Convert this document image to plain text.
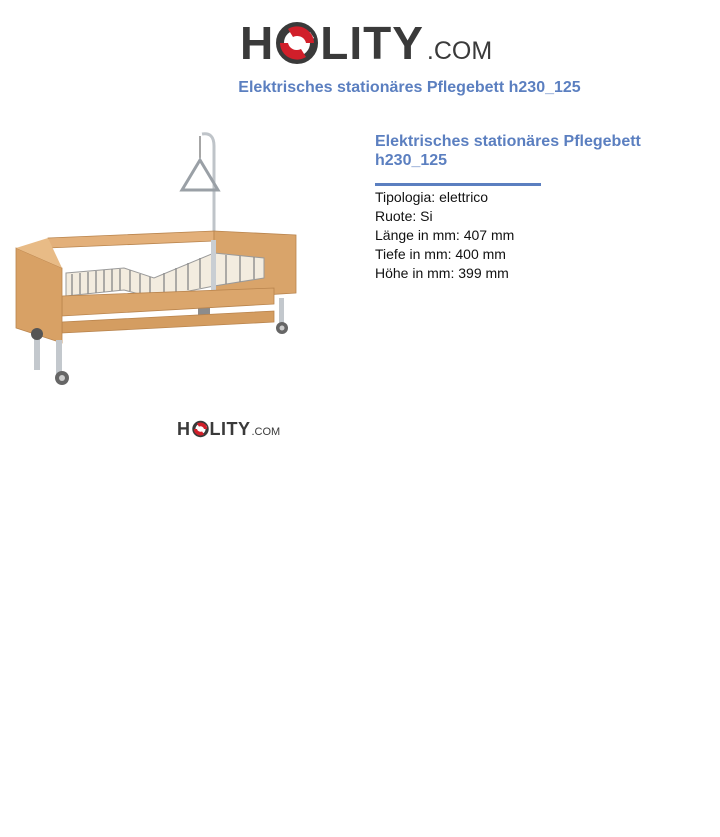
H LITY .COM
Elektrisches stationäres Pflegebett h230_125
H LITY .COM
Elektrisches stationäres Pflegebett h230_125
Tipologia: elettrico
Ruote: Si
Länge in mm: 407 mm
Tiefe in mm: 400 mm
Höhe in mm: 399 mm
